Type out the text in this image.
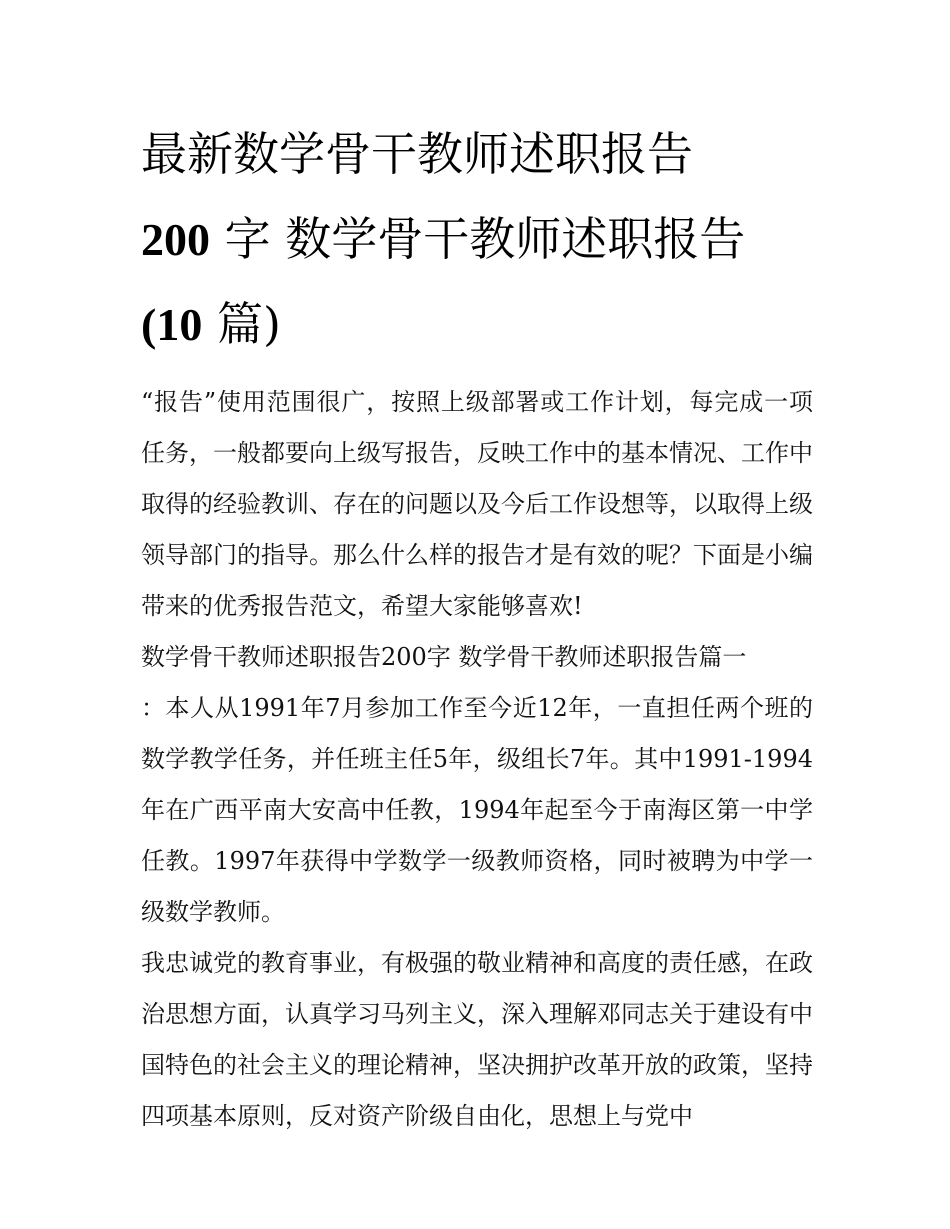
最新数学骨干教师述职报告
200 字 数学骨干教师述职报告
(10 篇)

“报告”使用范围很广，按照上级部署或工作计划，每完成一项任务，一般都要向上级写报告，反映工作中的基本情况、工作中取得的经验教训、存在的问题以及今后工作设想等，以取得上级领导部门的指导。那么什么样的报告才是有效的呢？下面是小编带来的优秀报告范文，希望大家能够喜欢!

数学骨干教师述职报告200字 数学骨干教师述职报告篇一

：本人从1991年7月参加工作至今近12年，一直担任两个班的数学教学任务，并任班主任5年，级组长7年。其中1991-1994年在广西平南大安高中任教，1994年起至今于南海区第一中学任教。1997年获得中学数学一级教师资格，同时被聘为中学一级数学教师。

我忠诚党的教育事业，有极强的敬业精神和高度的责任感，在政治思想方面，认真学习马列主义，深入理解邓同志关于建设有中国特色的社会主义的理论精神，坚决拥护改革开放的政策，坚持四项基本原则，反对资产阶级自由化，思想上与党中
